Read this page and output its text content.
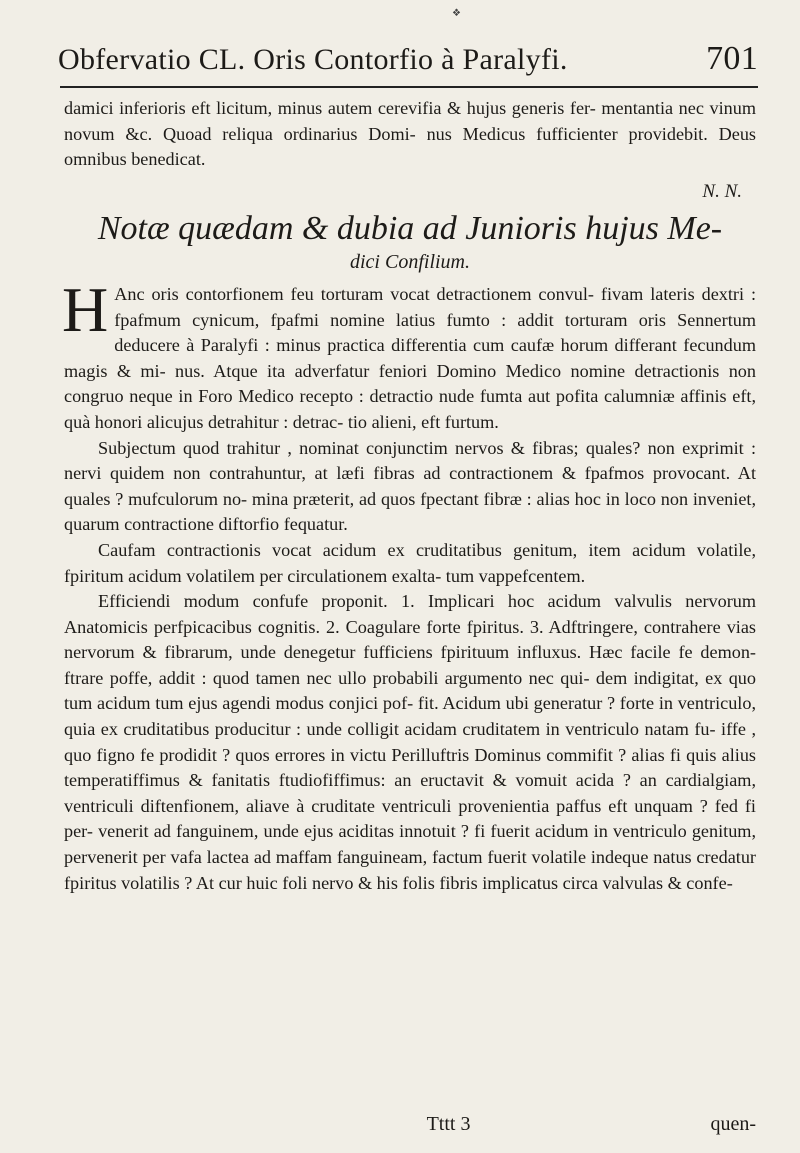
❖
Obfervatio CL. Oris Contorfio à Paralyfi.	701

damici inferioris eft licitum, minus autem cerevifia & hujus generis fer- mentantia nec vinum novum &c. Quoad reliqua ordinarius Domi- nus Medicus fufficienter providebit. Deus omnibus benedicat.

N. N.
Notæ quædam & dubia ad Junioris hujus Me-
dici Confilium.

H Anc oris contorfionem feu torturam vocat detractionem convul- fivam lateris dextri : fpafmum cynicum, fpafmi nomine latius fumto : addit torturam oris Sennertum deducere à Paralyfi : minus practica differentia cum caufæ horum differant fecundum magis & mi- nus. Atque ita adverfatur feniori Domino Medico nomine detractionis non congruo neque in Foro Medico recepto : detractio nude fumta aut pofita calumniæ affinis eft, quà honori alicujus detrahitur : detrac- tio alieni, eft furtum.

Subjectum quod trahitur , nominat conjunctim nervos & fibras; quales? non exprimit : nervi quidem non contrahuntur, at læfi fibras ad contractionem & fpafmos provocant. At quales ? mufculorum no- mina præterit, ad quos fpectant fibræ : alias hoc in loco non inveniet, quarum contractione diftorfio fequatur.

Caufam contractionis vocat acidum ex cruditatibus genitum, item acidum volatile, fpiritum acidum volatilem per circulationem exalta- tum vappefcentem.

Efficiendi modum confufe proponit. 1. Implicari hoc acidum valvulis nervorum Anatomicis perfpicacibus cognitis. 2. Coagulare forte fpiritus. 3. Adftringere, contrahere vias nervorum & fibrarum, unde denegetur fufficiens fpirituum influxus. Hæc facile fe demon- ftrare poffe, addit : quod tamen nec ullo probabili argumento nec qui- dem indigitat, ex quo tum acidum tum ejus agendi modus conjici pof- fit. Acidum ubi generatur ? forte in ventriculo, quia ex cruditatibus producitur : unde colligit acidam cruditatem in ventriculo natam fu- iffe , quo figno fe prodidit ? quos errores in victu Perilluftris Dominus commifit ? alias fi quis alius temperatiffimus & fanitatis ftudiofiffimus: an eructavit & vomuit acida ? an cardialgiam, ventriculi diftenfionem, aliave à cruditate ventriculi provenientia paffus eft unquam ? fed fi per- venerit ad fanguinem, unde ejus aciditas innotuit ? fi fuerit acidum in ventriculo genitum, pervenerit per vafa lactea ad maffam fanguineam, factum fuerit volatile indeque natus credatur fpiritus volatilis ? At cur huic foli nervo & his folis fibris implicatus circa valvulas & confe-

Tttt 3	quen-
